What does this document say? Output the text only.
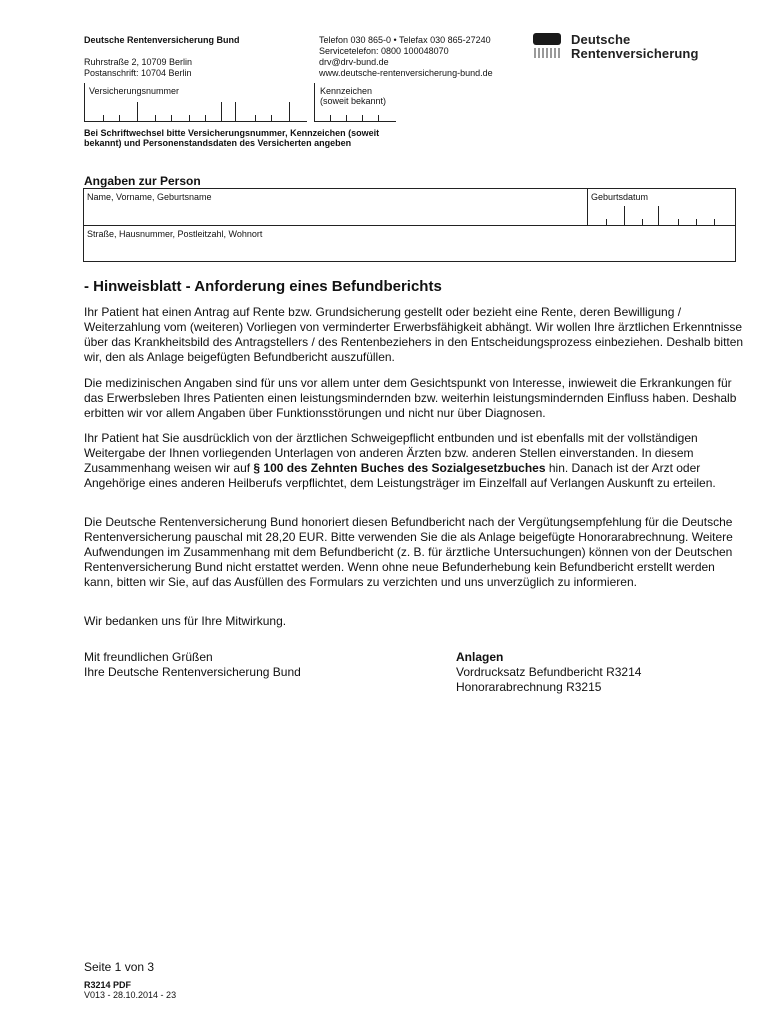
Deutsche Rentenversicherung Bund
Ruhrstraße 2, 10709 Berlin
Postanschrift: 10704 Berlin
Telefon 030 865-0 • Telefax 030 865-27240
Servicetelefon: 0800 100048070
drv@drv-bund.de
www.deutsche-rentenversicherung-bund.de
Deutsche
Rentenversicherung
Versicherungsnummer	Kennzeichen
(soweit bekannt)
Bei Schriftwechsel bitte Versicherungsnummer, Kennzeichen (soweit bekannt) und Personenstandsdaten des Versicherten angeben
Angaben zur Person
Name, Vorname, Geburtsname	Geburtsdatum
Straße, Hausnummer, Postleitzahl, Wohnort
- Hinweisblatt - Anforderung eines Befundberichts

Ihr Patient hat einen Antrag auf Rente bzw. Grundsicherung gestellt oder bezieht eine Rente, deren Bewilligung / Weiterzahlung vom (weiteren) Vorliegen von verminderter Erwerbsfähigkeit abhängt. Wir wollen Ihre ärztlichen Erkenntnisse über das Krankheitsbild des Antragstellers / des Rentenbeziehers in den Entscheidungsprozess einbeziehen. Deshalb bitten wir, den als Anlage beigefügten Befundbericht auszufüllen.

Die medizinischen Angaben sind für uns vor allem unter dem Gesichtspunkt von Interesse, inwieweit die Erkrankungen für das Erwerbsleben Ihres Patienten einen leistungsmindernden bzw. weiterhin leistungsmindernden Einfluss haben. Deshalb erbitten wir vor allem Angaben über Funktionsstörungen und nicht nur über Diagnosen.

Ihr Patient hat Sie ausdrücklich von der ärztlichen Schweigepflicht entbunden und ist ebenfalls mit der vollständigen Weitergabe der Ihnen vorliegenden Unterlagen von anderen Ärzten bzw. anderen Stellen einverstanden. In diesem Zusammenhang weisen wir auf § 100 des Zehnten Buches des Sozialgesetzbuches hin. Danach ist der Arzt oder Angehörige eines anderen Heilberufs verpflichtet, dem Leistungsträger im Einzelfall auf Verlangen Auskunft zu erteilen.

Die Deutsche Rentenversicherung Bund honoriert diesen Befundbericht nach der Vergütungsempfehlung für die Deutsche Rentenversicherung pauschal mit 28,20 EUR. Bitte verwenden Sie die als Anlage beigefügte Honorarabrechnung. Weitere Aufwendungen im Zusammenhang mit dem Befundbericht (z. B. für ärztliche Untersuchungen) können von der Deutschen Rentenversicherung Bund nicht erstattet werden. Wenn ohne neue Befunderhebung kein Befundbericht erstellt werden kann, bitten wir Sie, auf das Ausfüllen des Formulars zu verzichten und uns unverzüglich zu informieren.

Wir bedanken uns für Ihre Mitwirkung.

Mit freundlichen Grüßen
Ihre Deutsche Rentenversicherung Bund
Anlagen
Vordrucksatz Befundbericht R3214
Honorarabrechnung R3215
Seite 1 von 3
R3214 PDF
V013 - 28.10.2014 - 23
